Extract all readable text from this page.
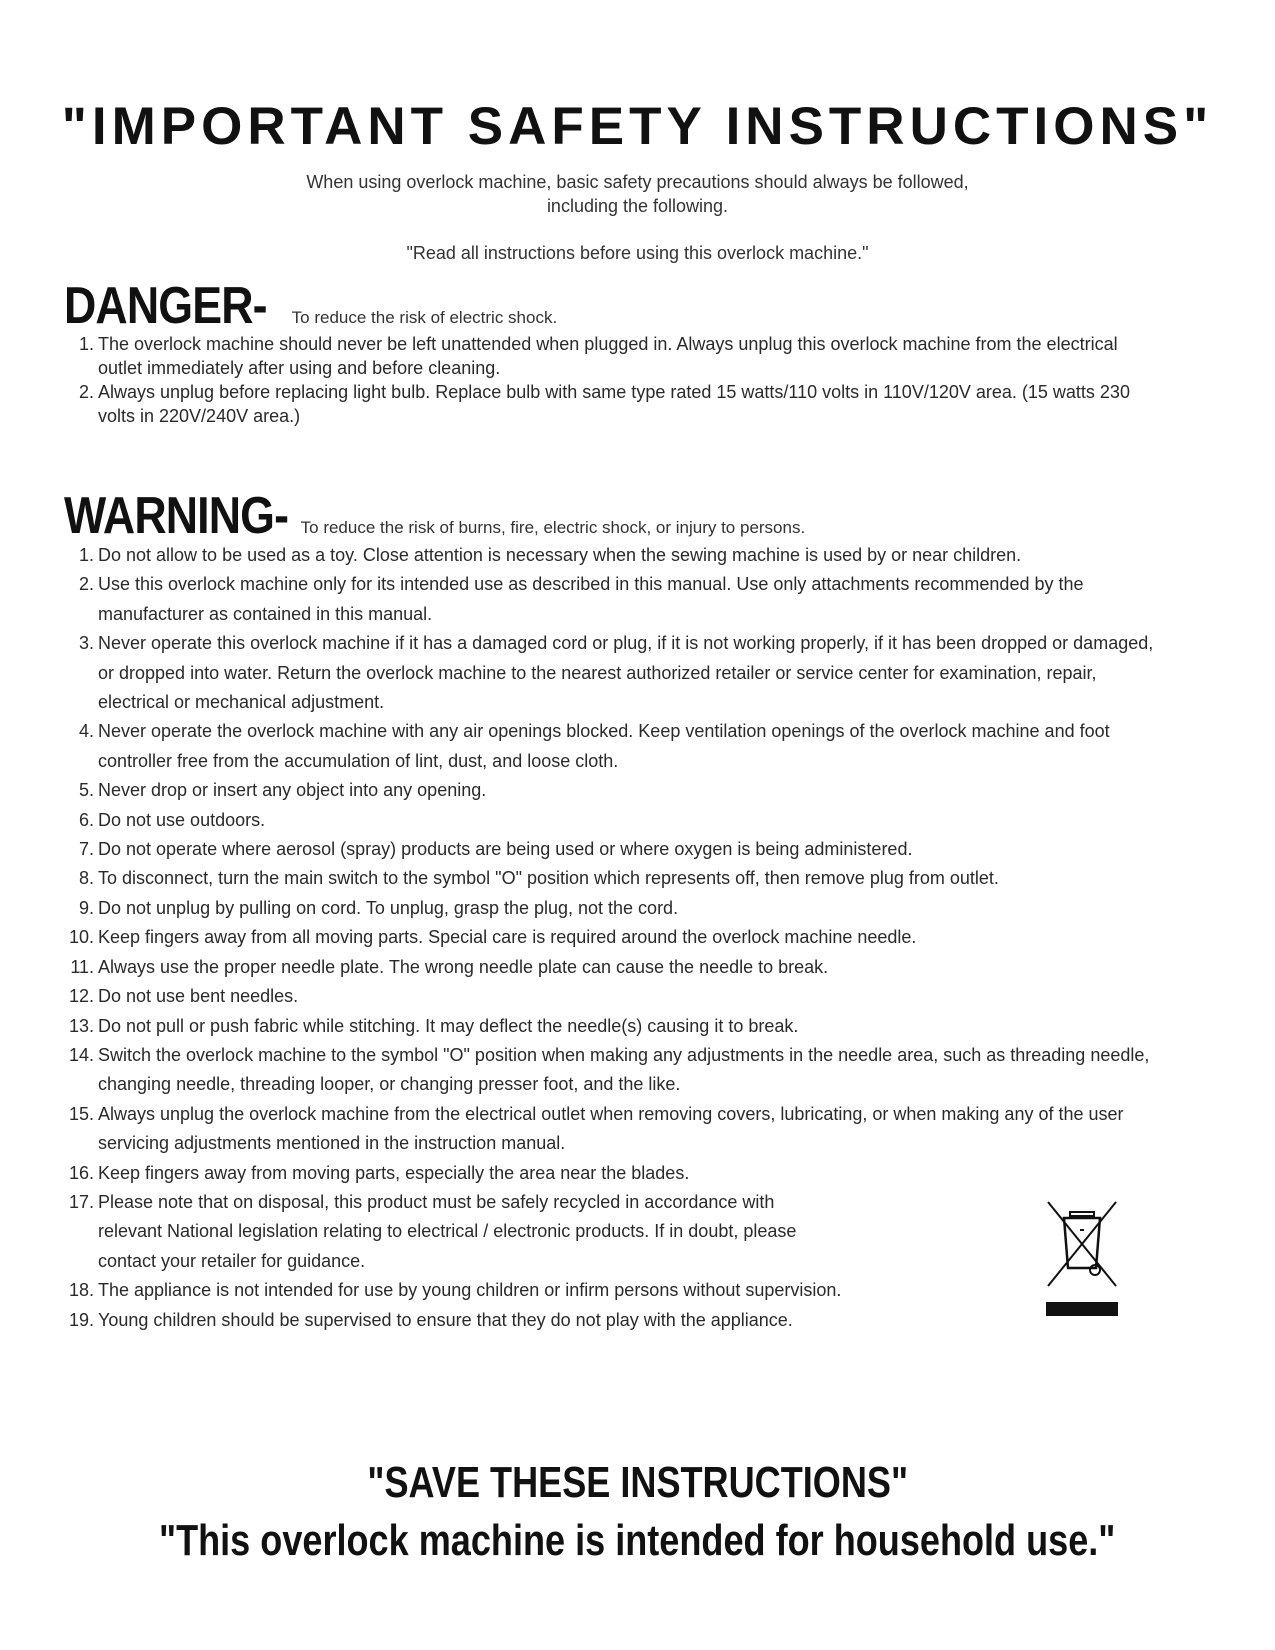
"IMPORTANT SAFETY INSTRUCTIONS"

When using overlock machine, basic safety precautions should always be followed,

including the following.

"Read all instructions before using this overlock machine."
DANGER- To reduce the risk of electric shock.
1. The overlock machine should never be left unattended when plugged in. Always unplug this overlock machine from the electrical outlet immediately after using and before cleaning.
2. Always unplug before replacing light bulb. Replace bulb with same type rated 15 watts/110 volts in 110V/120V area. (15 watts 230 volts in 220V/240V area.)
WARNING- To reduce the risk of burns, fire, electric shock, or injury to persons.
1. Do not allow to be used as a toy. Close attention is necessary when the sewing machine is used by or near children.
2. Use this overlock machine only for its intended use as described in this manual. Use only attachments recommended by the manufacturer as contained in this manual.
3. Never operate this overlock machine if it has a damaged cord or plug, if it is not working properly, if it has been dropped or damaged, or dropped into water. Return the overlock machine to the nearest authorized retailer or service center for examination, repair, electrical or mechanical adjustment.
4. Never operate the overlock machine with any air openings blocked. Keep ventilation openings of the overlock machine and foot controller free from the accumulation of lint, dust, and loose cloth.
5. Never drop or insert any object into any opening.
6. Do not use outdoors.
7. Do not operate where aerosol (spray) products are being used or where oxygen is being administered.
8. To disconnect, turn the main switch to the symbol "O" position which represents off, then remove plug from outlet.
9. Do not unplug by pulling on cord. To unplug, grasp the plug, not the cord.
10. Keep fingers away from all moving parts. Special care is required around the overlock machine needle.
11. Always use the proper needle plate. The wrong needle plate can cause the needle to break.
12. Do not use bent needles.
13. Do not pull or push fabric while stitching. It may deflect the needle(s) causing it to break.
14. Switch the overlock machine to the symbol "O" position when making any adjustments in the needle area, such as threading needle, changing needle, threading looper, or changing presser foot, and the like.
15. Always unplug the overlock machine from the electrical outlet when removing covers, lubricating, or when making any of the user servicing adjustments mentioned in the instruction manual.
16. Keep fingers away from moving parts, especially the area near the blades.
17. Please note that on disposal, this product must be safely recycled in accordance with relevant National legislation relating to electrical / electronic products. If in doubt, please contact your retailer for guidance.
18. The appliance is not intended for use by young children or infirm persons without supervision.
19. Young children should be supervised to ensure that they do not play with the appliance.
"SAVE THESE INSTRUCTIONS"
"This overlock machine is intended for household use."
